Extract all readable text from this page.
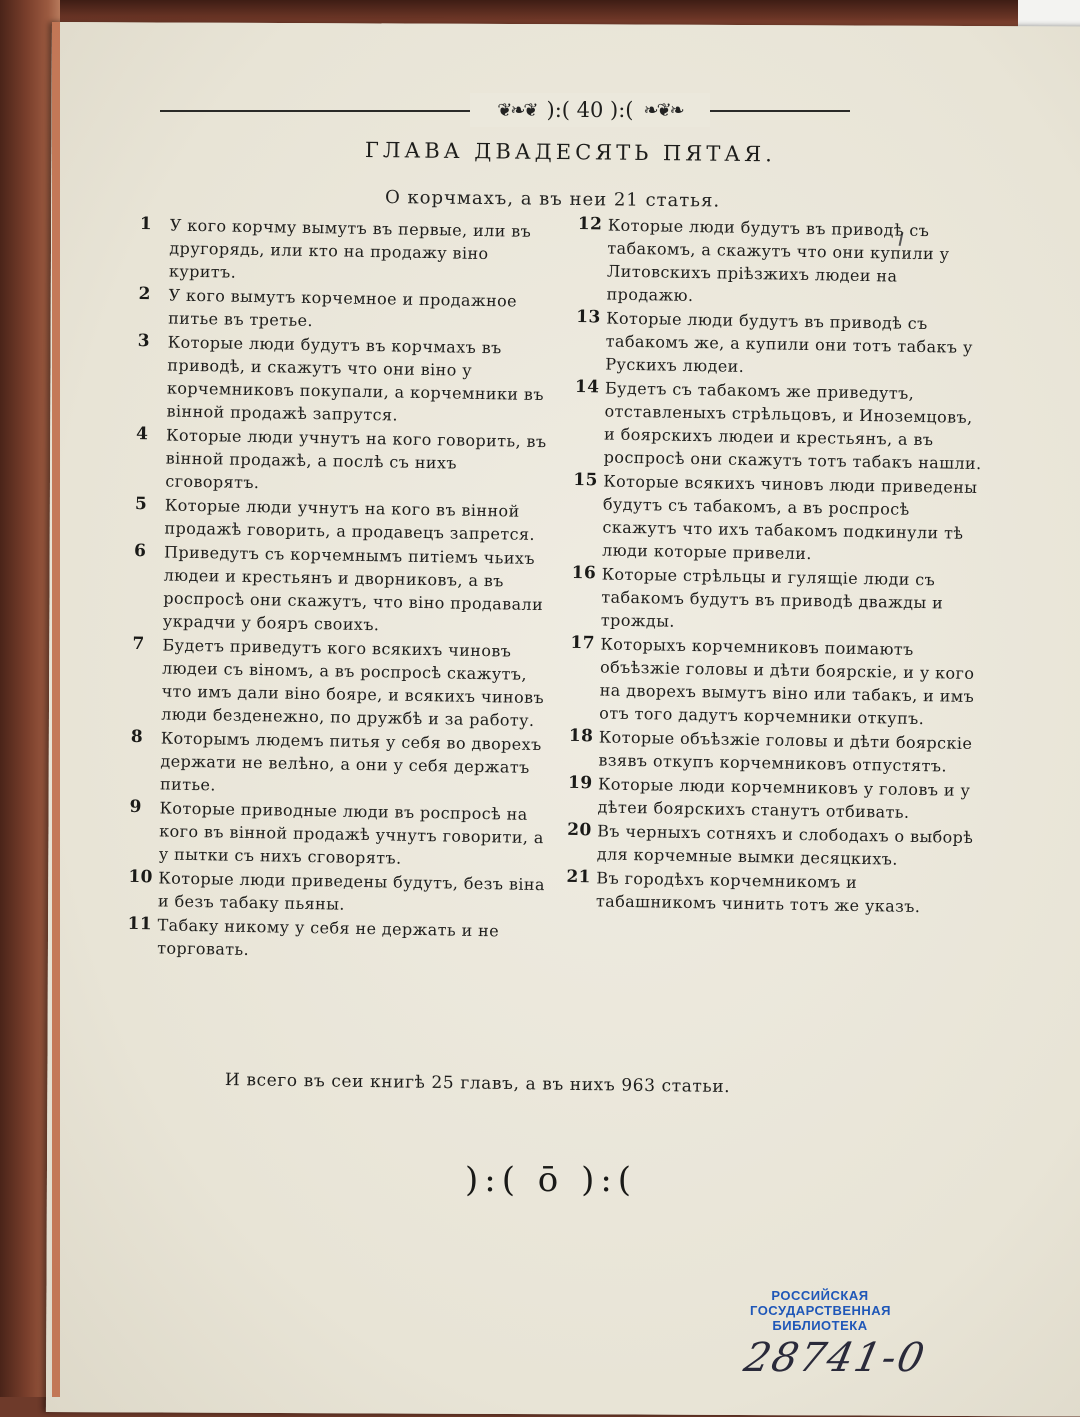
❦❧❦ ):( 40 ):( ❧❦❧
ГЛАВА ДВАДЕСЯТЬ ПЯТАЯ.
О корчмахъ, а въ неи 21 статья.
1	У кого корчму вымутъ въ первые, или въ другорядь, или кто на продажу віно куритъ.
2	У кого вымутъ корчемное и продажное питье въ третье.
3	Которые люди будутъ въ корчмахъ въ приводѣ, и скажутъ что они віно у корчемниковъ покупали, а корчемники въ вінной продажѣ запрутся.
4	Которые люди учнутъ на кого говорить, въ вінной продажѣ, а послѣ съ нихъ сговорятъ.
5	Которые люди учнутъ на кого въ вінной продажѣ говорить, а продавецъ запрется.
6	Приведутъ съ корчемнымъ питіемъ чьихъ людеи и крестьянъ и дворниковъ, а въ роспросѣ они скажутъ, что віно продавали украдчи у бояръ своихъ.
7	Будетъ приведутъ кого всякихъ чиновъ людеи съ віномъ, а въ роспросѣ скажутъ, что имъ дали віно бояре, и всякихъ чиновъ люди безденежно, по дружбѣ и за работу.
8	Которымъ людемъ питья у себя во дворехъ держати не велѣно, а они у себя держатъ питье.
9	Которые приводные люди въ роспросѣ на кого въ вінной продажѣ учнутъ говорити, а у пытки съ нихъ сговорятъ.
10 Которые люди приведены будутъ, безъ віна и безъ табаку пьяны.
11 Табаку никому у себя не держать и не торговать.
12 Которые люди будутъ въ приводѣ съ табакомъ, а скажутъ что они купили у Литовскихъ пріѣзжихъ людеи на продажю.
13 Которые люди будутъ въ приводѣ съ табакомъ же, а купили они тотъ табакъ у Рускихъ людеи.
14 Будетъ съ табакомъ же приведутъ, отставленыхъ стрѣльцовъ, и Иноземцовъ, и боярскихъ людеи и крестьянъ, а въ роспросѣ они скажутъ тотъ табакъ нашли.
15 Которые всякихъ чиновъ люди приведены будутъ съ табакомъ, а въ роспросѣ скажутъ что ихъ табакомъ подкинули тѣ люди которые привели.
16 Которые стрѣльцы и гулящіе люди съ табакомъ будутъ въ приводѣ дважды и трожды.
17 Которыхъ корчемниковъ поимаютъ объѣзжіе головы и дѣти боярскіе, и у кого на дворехъ вымутъ віно или табакъ, и имъ отъ того дадутъ корчемники откупъ.
18 Которые объѣзжіе головы и дѣти боярскіе взявъ откупъ корчемниковъ отпустятъ.
19 Которые люди корчемниковъ у головъ и у дѣтеи боярскихъ станутъ отбивать.
20 Въ черныхъ сотняхъ и слободахъ о выборѣ для корчемные вымки десяцкихъ.
21 Въ городѣхъ корчемникомъ и табашникомъ чинить тотъ же указъ.
И всего въ сеи книгѣ 25 главъ, а въ нихъ 963 статьи.
):( о̄ ):(
РОССИЙСКАЯ
ГОСУДАРСТВЕННАЯ
БИБЛИОТЕКА
28741-0
